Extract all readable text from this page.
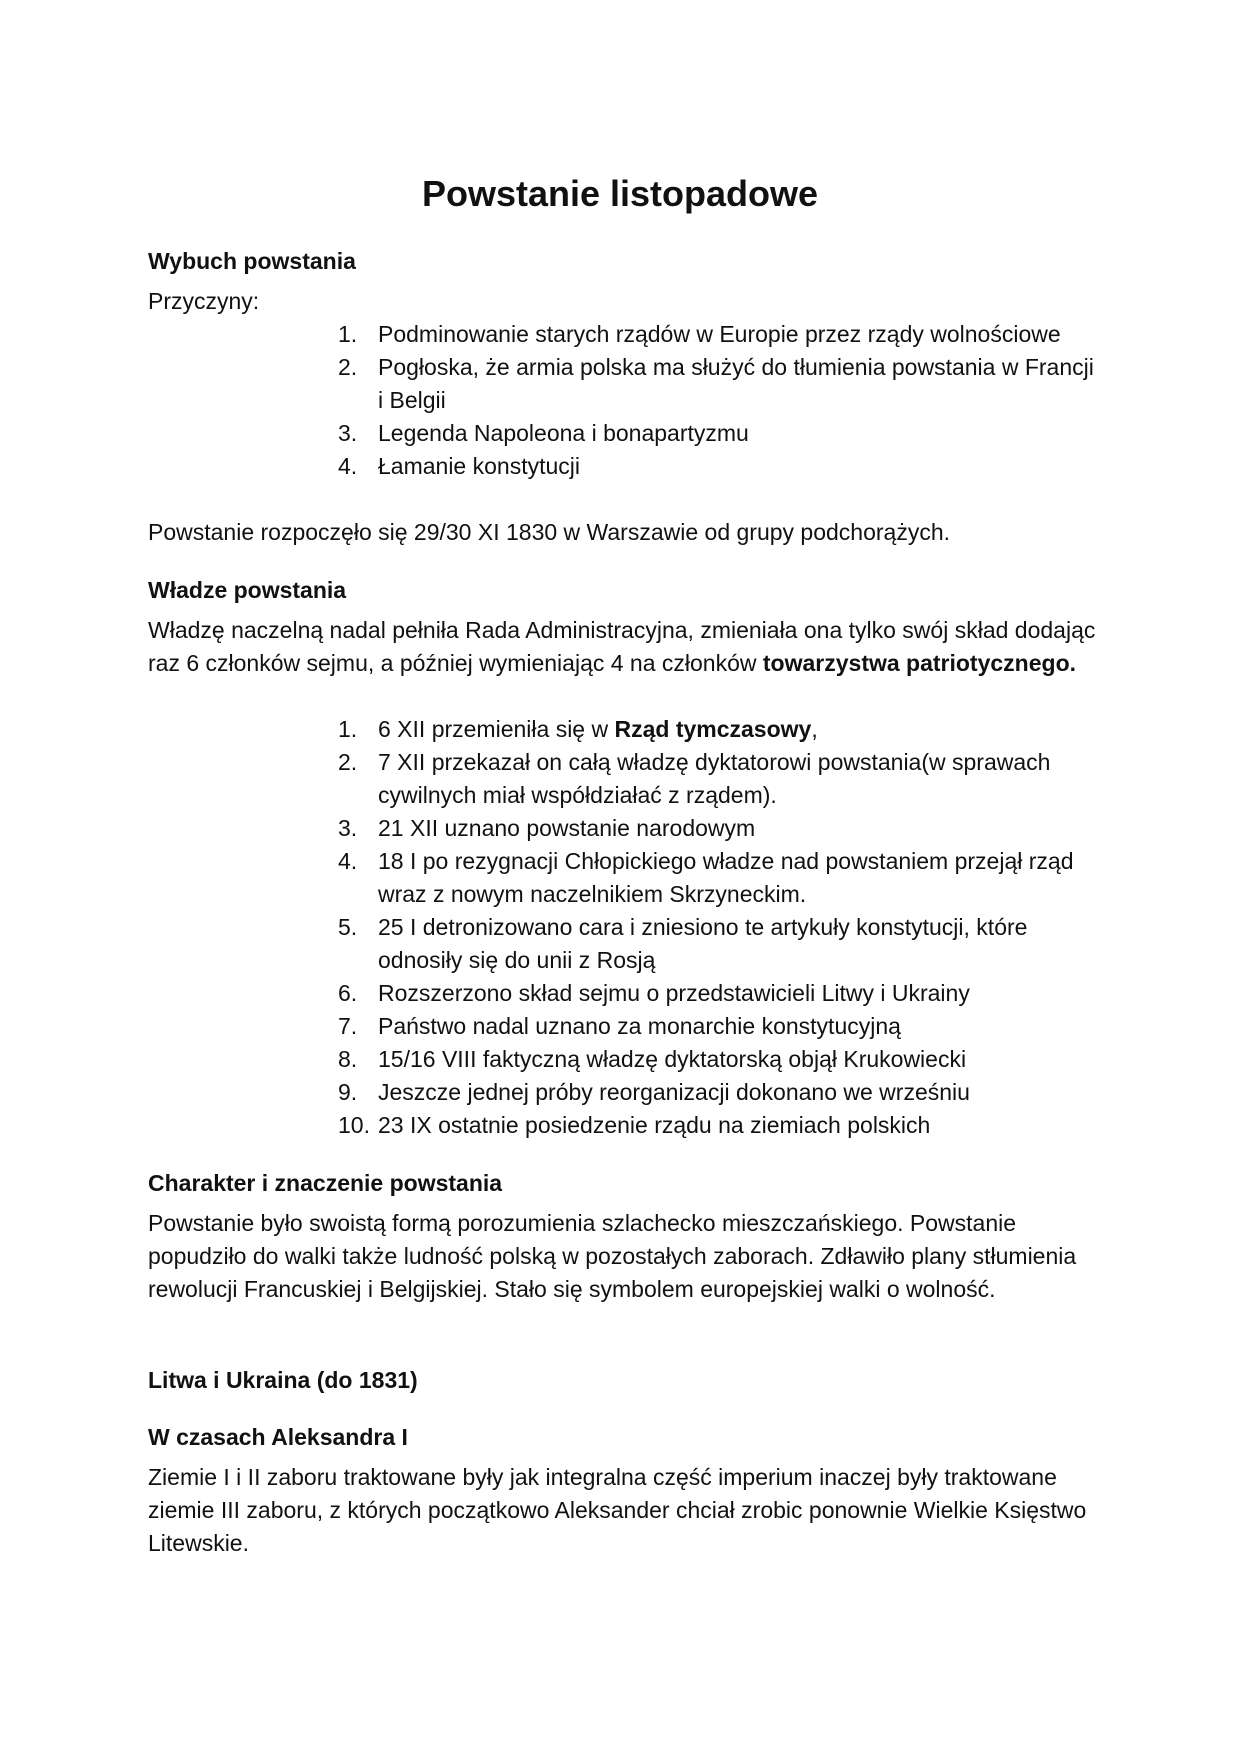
Powstanie listopadowe
Wybuch powstania

Przyczyny:

1. Podminowanie starych rządów w Europie przez rządy wolnościowe
2. Pogłoska, że armia polska ma służyć do tłumienia powstania w Francji i Belgii
3. Legenda Napoleona i bonapartyzmu
4. Łamanie konstytucji

Powstanie rozpoczęło się 29/30 XI 1830 w Warszawie od grupy podchorążych.

Władze powstania

Władzę naczelną nadal pełniła Rada Administracyjna, zmieniała ona tylko swój skład dodając raz 6 członków sejmu, a później wymieniając 4 na członków towarzystwa patriotycznego.

1. 6 XII przemieniła się w Rząd tymczasowy,
2. 7 XII przekazał on całą władzę dyktatorowi powstania(w sprawach cywilnych miał współdziałać z rządem).
3. 21 XII uznano powstanie narodowym
4. 18 I po rezygnacji Chłopickiego władze nad powstaniem przejął rząd wraz z nowym naczelnikiem Skrzyneckim.
5. 25 I detronizowano cara i zniesiono te artykuły konstytucji, które odnosiły się do unii z Rosją
6. Rozszerzono skład sejmu o przedstawicieli Litwy i Ukrainy
7. Państwo nadal uznano za monarchie konstytucyjną
8. 15/16 VIII faktyczną władzę dyktatorską objął Krukowiecki
9. Jeszcze jednej próby reorganizacji dokonano we wrześniu
10. 23 IX ostatnie posiedzenie rządu na ziemiach polskich
Charakter i znaczenie powstania

Powstanie było swoistą formą porozumienia szlachecko mieszczańskiego. Powstanie popudziło do walki także ludność polską w pozostałych zaborach. Zdławiło plany stłumienia rewolucji Francuskiej i Belgijskiej. Stało się symbolem europejskiej walki o wolność.

Litwa i Ukraina (do 1831)
W czasach Aleksandra I

Ziemie I i II zaboru traktowane były jak integralna część imperium inaczej były traktowane ziemie III zaboru, z których początkowo Aleksander chciał zrobic ponownie Wielkie Księstwo Litewskie.
